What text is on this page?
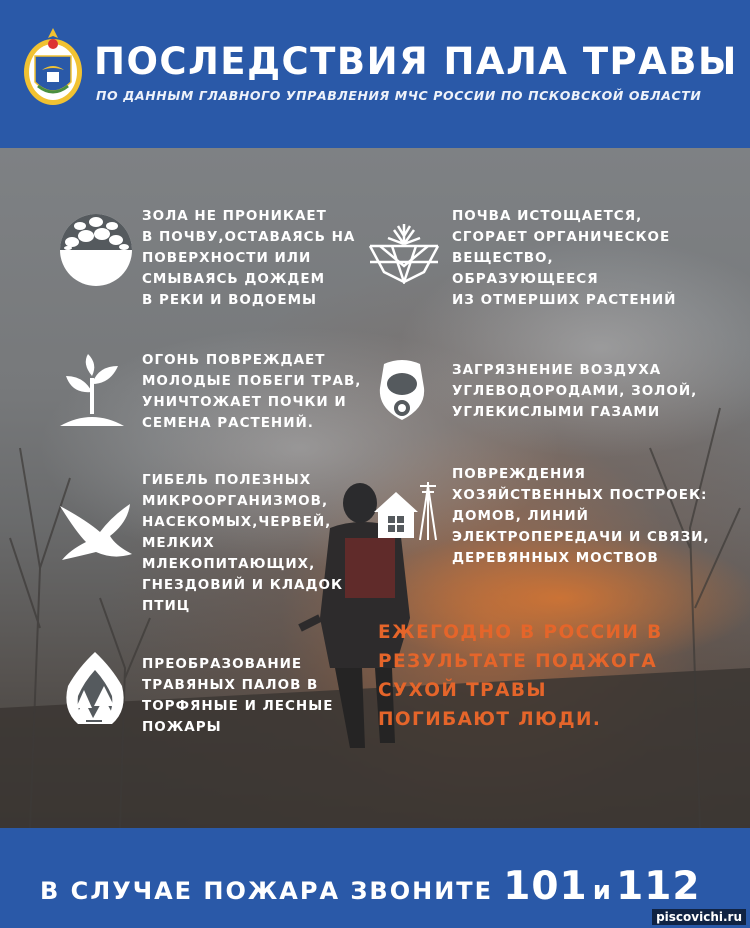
ПОСЛЕДСТВИЯ ПАЛА ТРАВЫ
ПО ДАННЫМ ГЛАВНОГО УПРАВЛЕНИЯ МЧС РОССИИ ПО ПСКОВСКОЙ ОБЛАСТИ
ЗОЛА НЕ ПРОНИКАЕТ
В ПОЧВУ,ОСТАВАЯСЬ НА
ПОВЕРХНОСТИ ИЛИ
СМЫВАЯСЬ ДОЖДЕМ
В РЕКИ И ВОДОЕМЫ
ПОЧВА ИСТОЩАЕТСЯ,
СГОРАЕТ ОРГАНИЧЕСКОЕ
ВЕЩЕСТВО,
ОБРАЗУЮЩЕЕСЯ
ИЗ ОТМЕРШИХ РАСТЕНИЙ
ОГОНЬ ПОВРЕЖДАЕТ
МОЛОДЫЕ ПОБЕГИ ТРАВ,
УНИЧТОЖАЕТ ПОЧКИ И
СЕМЕНА РАСТЕНИЙ.
ЗАГРЯЗНЕНИЕ ВОЗДУХА
УГЛЕВОДОРОДАМИ, ЗОЛОЙ,
УГЛЕКИСЛЫМИ ГАЗАМИ
ГИБЕЛЬ ПОЛЕЗНЫХ
МИКРООРГАНИЗМОВ,
НАСЕКОМЫХ,ЧЕРВЕЙ,
МЕЛКИХ
МЛЕКОПИТАЮЩИХ,
ГНЕЗДОВИЙ И КЛАДОК
ПТИЦ
ПОВРЕЖДЕНИЯ
ХОЗЯЙСТВЕННЫХ ПОСТРОЕК:
ДОМОВ, ЛИНИЙ
ЭЛЕКТРОПЕРЕДАЧИ И СВЯЗИ,
ДЕРЕВЯННЫХ МОСТВОВ
ПРЕОБРАЗОВАНИЕ
ТРАВЯНЫХ ПАЛОВ В
ТОРФЯНЫЕ И ЛЕСНЫЕ
ПОЖАРЫ
ЕЖЕГОДНО В РОССИИ В
РЕЗУЛЬТАТЕ ПОДЖОГА
СУХОЙ ТРАВЫ
ПОГИБАЮТ ЛЮДИ.
В СЛУЧАЕ ПОЖАРА ЗВОНИТЕ 101 и 112
piscovichi.ru
